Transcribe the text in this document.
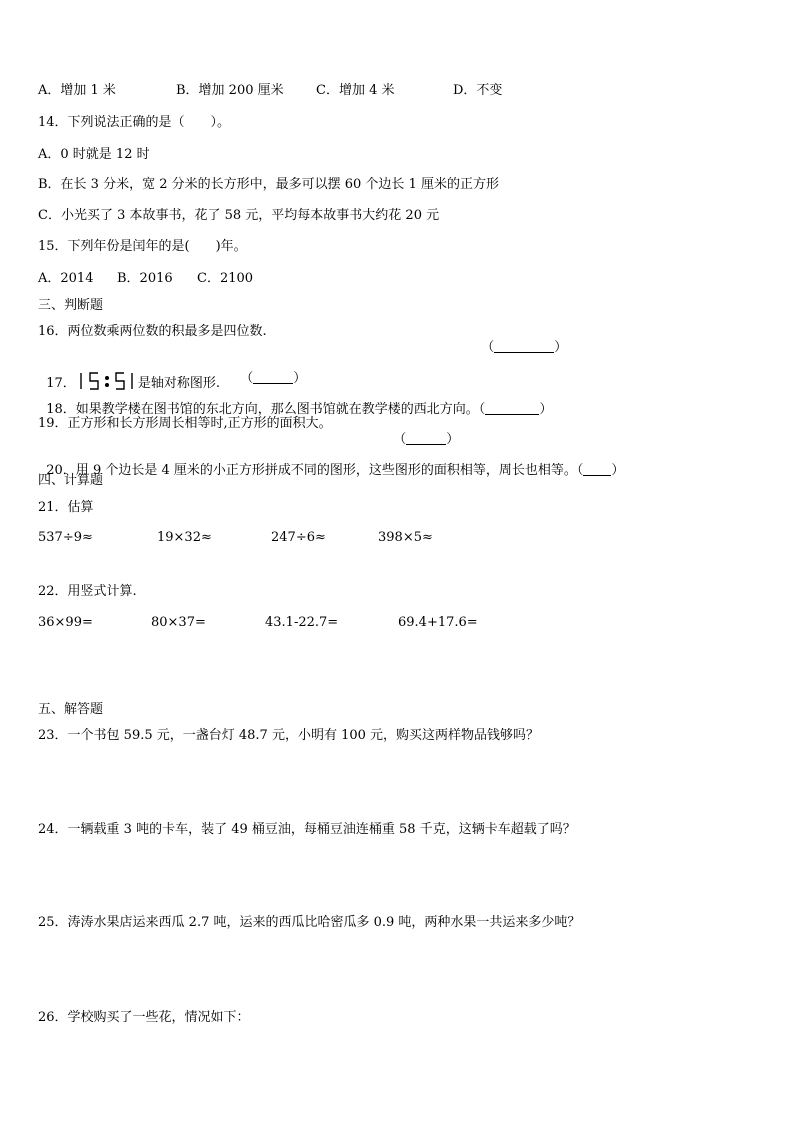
A．增加 1 米	B．增加 200 厘米 C．增加 4 米	D．不变
14．下列说法正确的是（　　）。
A．0 时就是 12 时
B．在长 3 分米，宽 2 分米的长方形中，最多可以摆 60 个边长 1 厘米的正方形
C．小光买了 3 本故事书，花了 58 元，平均每本故事书大约花 20 元
15．下列年份是闰年的是(　　)年。
A．2014 B．2016 C．2100
三、判断题
16．两位数乘两位数的积最多是四位数.

（	）

17．	是轴对称图形.	（	）

18．如果教学楼在图书馆的东北方向，那么图书馆就在教学楼的西北方向。（	）

19．正方形和长方形周长相等时,正方形的面积大。

（	）

20．用 9 个边长是 4 厘米的小正方形拼成不同的图形，这些图形的面积相等，周长也相等。（ ）

四、计算题
21．估算
537÷9≈	19×32≈	247÷6≈	398×5≈
22．用竖式计算.
36×99=	80×37=	43.1-22.7=	69.4+17.6=
五、解答题
23．一个书包 59.5 元，一盏台灯 48.7 元，小明有 100 元，购买这两样物品钱够吗？
24．一辆载重 3 吨的卡车，装了 49 桶豆油，每桶豆油连桶重 58 千克，这辆卡车超载了吗？
25．涛涛水果店运来西瓜 2.7 吨，运来的西瓜比哈密瓜多 0.9 吨，两种水果一共运来多少吨？
26．学校购买了一些花，情况如下：
